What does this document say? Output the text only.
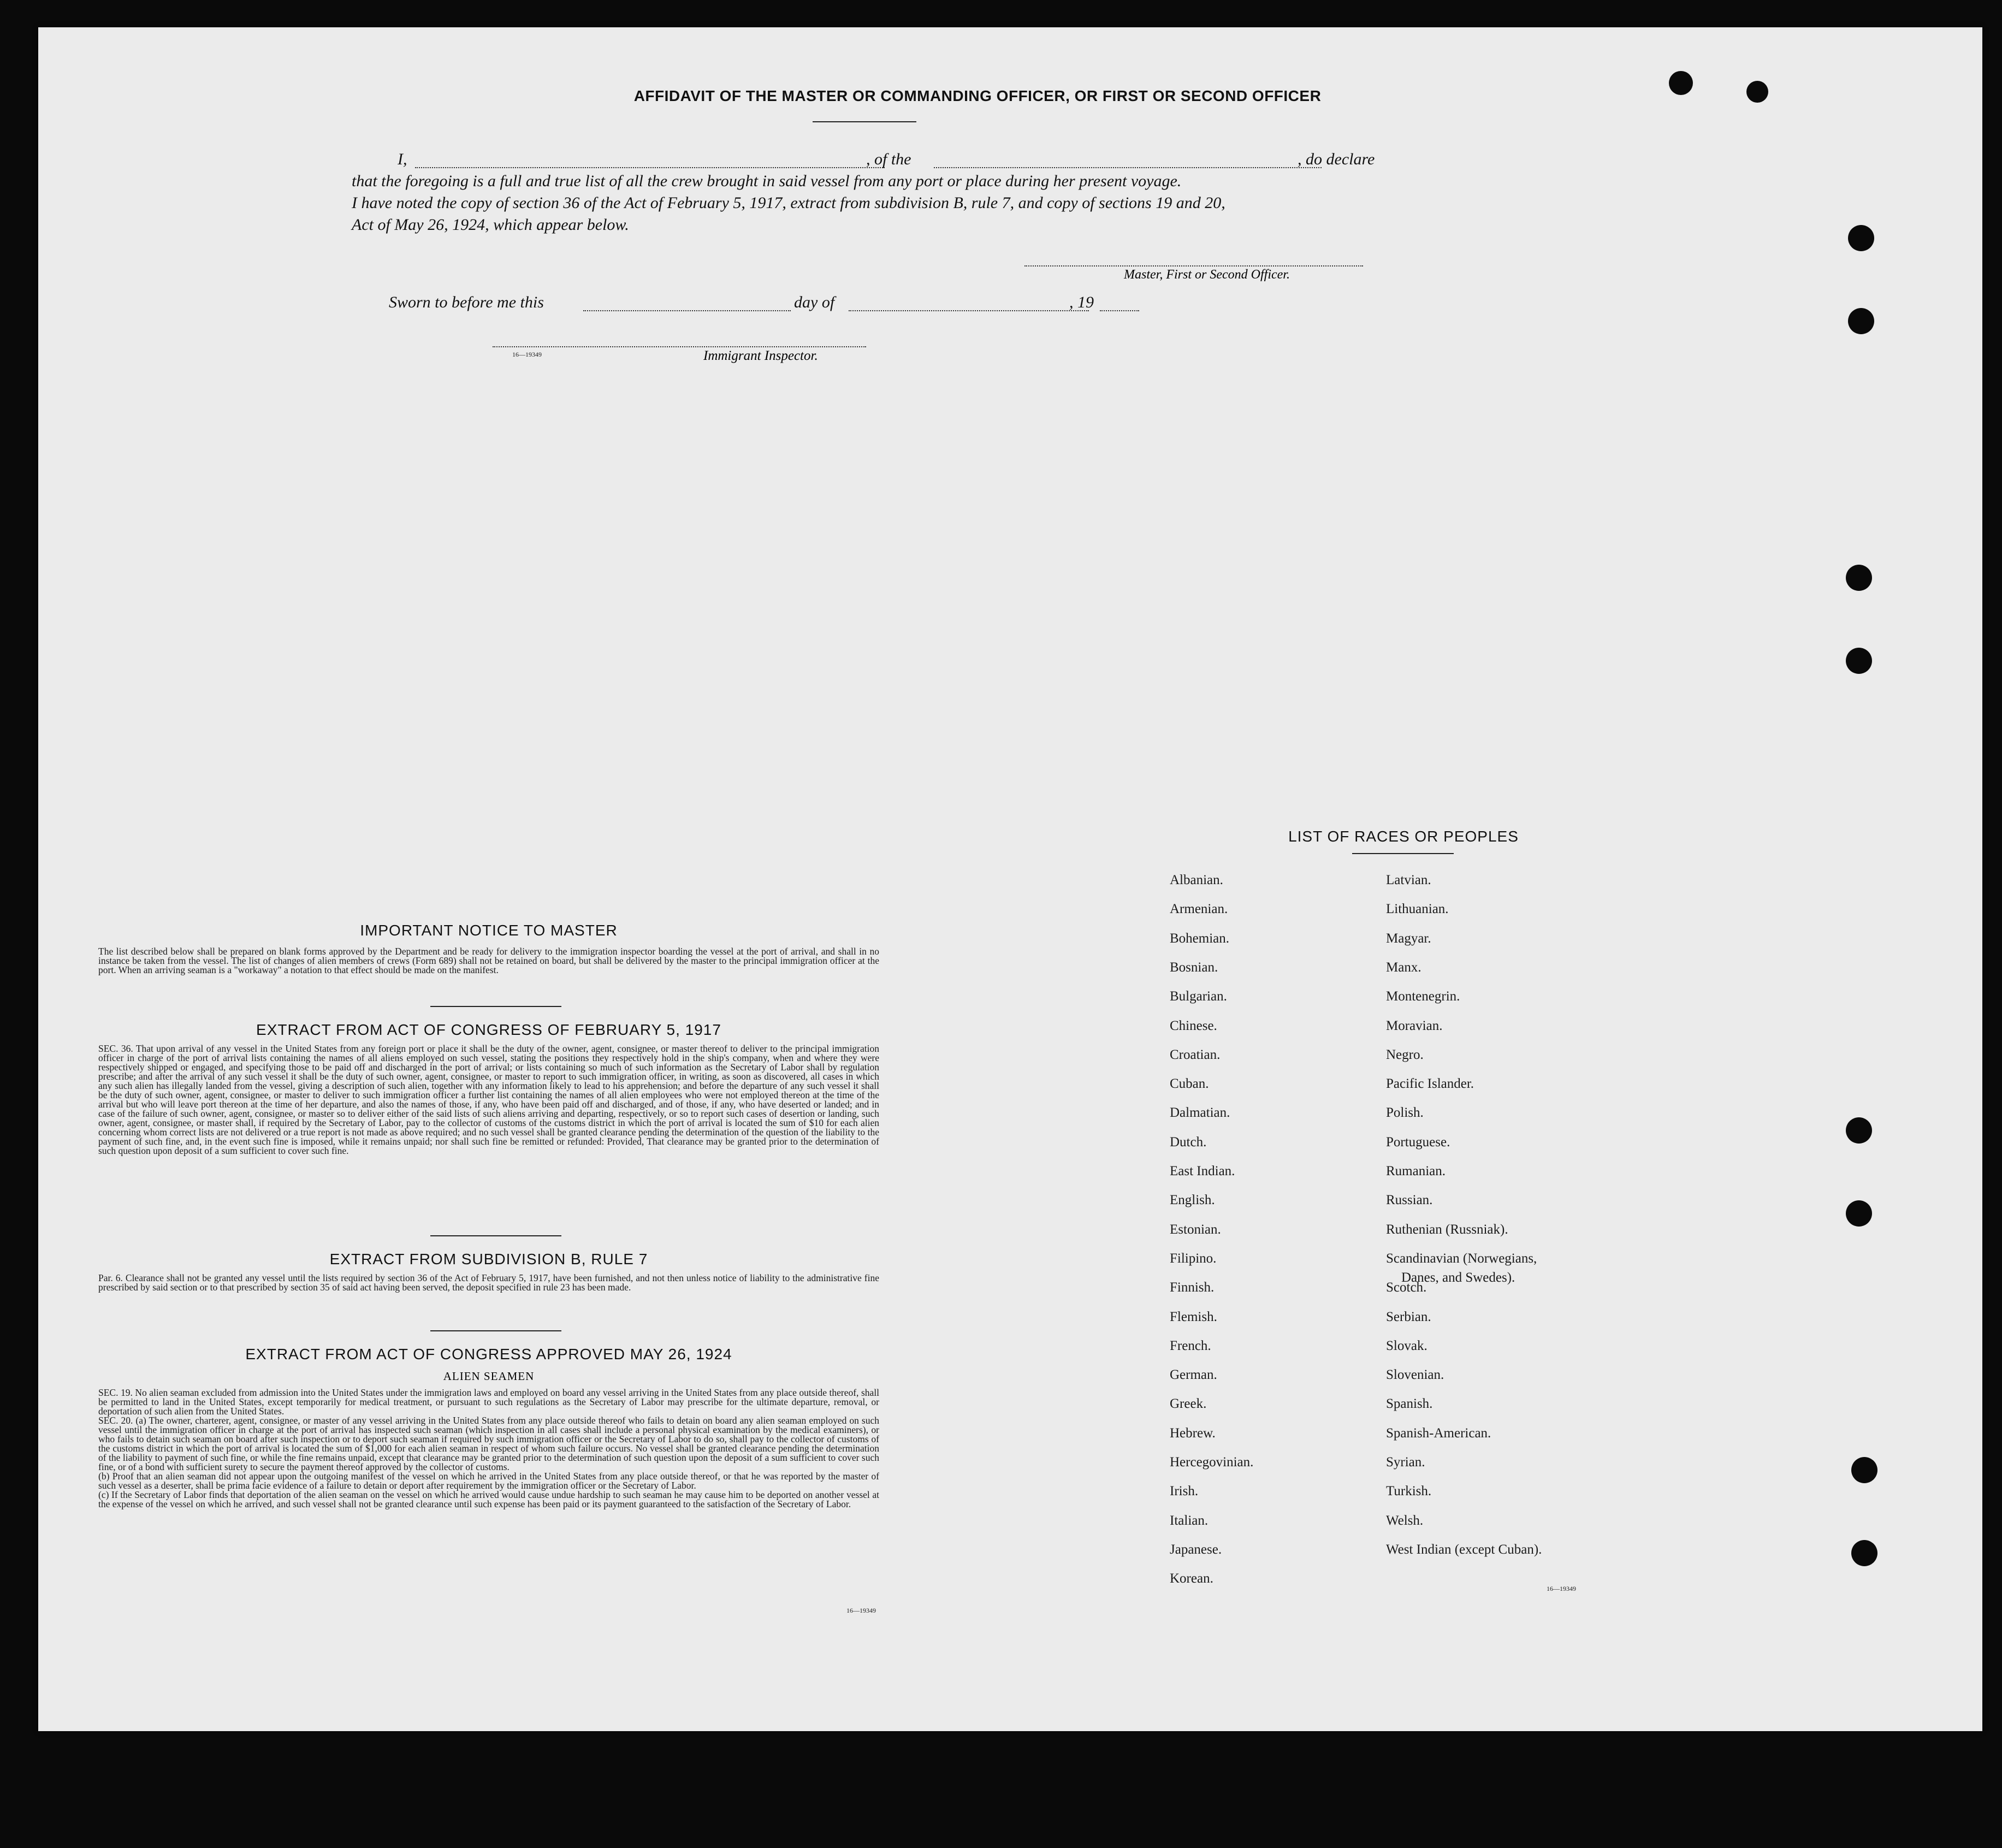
AFFIDAVIT OF THE MASTER OR COMMANDING OFFICER, OR FIRST OR SECOND OFFICER
I,	, of the	, do declare
that the foregoing is a full and true list of all the crew brought in said vessel from any port or place during her present voyage.
I have noted the copy of section 36 of the Act of February 5, 1917, extract from subdivision B, rule 7, and copy of sections 19 and 20,
Act of May 26, 1924, which appear below.
Master, First or Second Officer.
Sworn to before me this	day of	, 19
16—19349	Immigrant Inspector.
IMPORTANT NOTICE TO MASTER
The list described below shall be prepared on blank forms approved by the Department and be ready for delivery to the immigration inspector boarding the vessel at the port of arrival, and shall in no instance be taken from the vessel. The list of changes of alien members of crews (Form 689) shall not be retained on board, but shall be delivered by the master to the principal immigration officer at the port. When an arriving seaman is a "workaway" a notation to that effect should be made on the manifest.
EXTRACT FROM ACT OF CONGRESS OF FEBRUARY 5, 1917
SEC. 36. That upon arrival of any vessel in the United States from any foreign port or place it shall be the duty of the owner, agent, consignee, or master thereof to deliver to the principal immigration officer in charge of the port of arrival lists containing the names of all aliens employed on such vessel, stating the positions they respectively hold in the ship's company, when and where they were respectively shipped or engaged, and specifying those to be paid off and discharged in the port of arrival; or lists containing so much of such information as the Secretary of Labor shall by regulation prescribe; and after the arrival of any such vessel it shall be the duty of such owner, agent, consignee, or master to report to such immigration officer, in writing, as soon as discovered, all cases in which any such alien has illegally landed from the vessel, giving a description of such alien, together with any information likely to lead to his apprehension; and before the departure of any such vessel it shall be the duty of such owner, agent, consignee, or master to deliver to such immigration officer a further list containing the names of all alien employees who were not employed thereon at the time of the arrival but who will leave port thereon at the time of her departure, and also the names of those, if any, who have been paid off and discharged, and of those, if any, who have deserted or landed; and in case of the failure of such owner, agent, consignee, or master so to deliver either of the said lists of such aliens arriving and departing, respectively, or so to report such cases of desertion or landing, such owner, agent, consignee, or master shall, if required by the Secretary of Labor, pay to the collector of customs of the customs district in which the port of arrival is located the sum of $10 for each alien concerning whom correct lists are not delivered or a true report is not made as above required; and no such vessel shall be granted clearance pending the determination of the question of the liability to the payment of such fine, and, in the event such fine is imposed, while it remains unpaid; nor shall such fine be remitted or refunded: Provided, That clearance may be granted prior to the determination of such question upon deposit of a sum sufficient to cover such fine.
EXTRACT FROM SUBDIVISION B, RULE 7
Par. 6. Clearance shall not be granted any vessel until the lists required by section 36 of the Act of February 5, 1917, have been furnished, and not then unless notice of liability to the administrative fine prescribed by said section or to that prescribed by section 35 of said act having been served, the deposit specified in rule 23 has been made.
EXTRACT FROM ACT OF CONGRESS APPROVED MAY 26, 1924
ALIEN SEAMEN
SEC. 19. No alien seaman excluded from admission into the United States under the immigration laws and employed on board any vessel arriving in the United States from any place outside thereof, shall be permitted to land in the United States, except temporarily for medical treatment, or pursuant to such regulations as the Secretary of Labor may prescribe for the ultimate departure, removal, or deportation of such alien from the United States.
SEC. 20. (a) The owner, charterer, agent, consignee, or master of any vessel arriving in the United States from any place outside thereof who fails to detain on board any alien seaman employed on such vessel until the immigration officer in charge at the port of arrival has inspected such seaman (which inspection in all cases shall include a personal physical examination by the medical examiners), or who fails to detain such seaman on board after such inspection or to deport such seaman if required by such immigration officer or the Secretary of Labor to do so, shall pay to the collector of customs of the customs district in which the port of arrival is located the sum of $1,000 for each alien seaman in respect of whom such failure occurs. No vessel shall be granted clearance pending the determination of the liability to payment of such fine, or while the fine remains unpaid, except that clearance may be granted prior to the determination of such question upon the deposit of a sum sufficient to cover such fine, or of a bond with sufficient surety to secure the payment thereof approved by the collector of customs.
(b) Proof that an alien seaman did not appear upon the outgoing manifest of the vessel on which he arrived in the United States from any place outside thereof, or that he was reported by the master of such vessel as a deserter, shall be prima facie evidence of a failure to detain or deport after requirement by the immigration officer or the Secretary of Labor.
(c) If the Secretary of Labor finds that deportation of the alien seaman on the vessel on which he arrived would cause undue hardship to such seaman he may cause him to be deported on another vessel at the expense of the vessel on which he arrived, and such vessel shall not be granted clearance until such expense has been paid or its payment guaranteed to the satisfaction of the Secretary of Labor.
16—19349
LIST OF RACES OR PEOPLES
Danes, and Swedes).
16—19349
Albanian.
Armenian.
Bohemian.
Bosnian.
Bulgarian.
Chinese.
Croatian.
Cuban.
Dalmatian.
Dutch.
East Indian.
English.
Estonian.
Filipino.
Finnish.
Flemish.
French.
German.
Greek.
Hebrew.
Hercegovinian.
Irish.
Italian.
Japanese.
Korean.
Latvian.
Lithuanian.
Magyar.
Manx.
Montenegrin.
Moravian.
Negro.
Pacific Islander.
Polish.
Portuguese.
Rumanian.
Russian.
Ruthenian (Russniak).
Scandinavian (Norwegians,
Scotch.
Serbian.
Slovak.
Slovenian.
Spanish.
Spanish-American.
Syrian.
Turkish.
Welsh.
West Indian (except Cuban).
